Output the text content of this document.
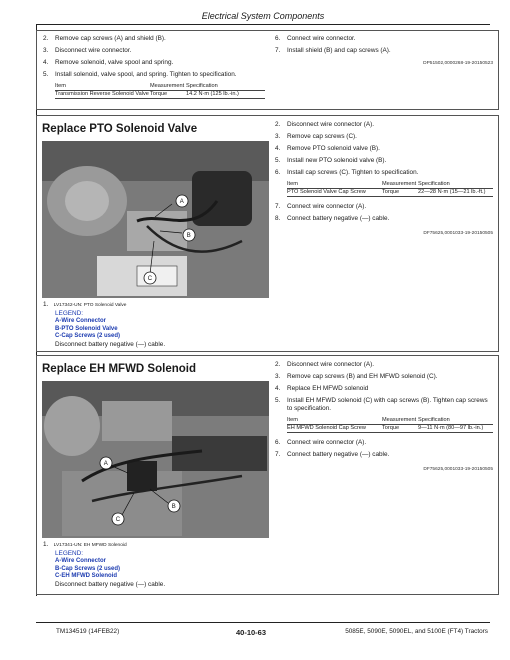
Electrical System Components
2. Remove cap screws (A) and shield (B).
3. Disconnect wire connector.
4. Remove solenoid, valve spool and spring.
5. Install solenoid, valve spool, and spring. Tighten to specification.
Item	Measurement Specification
Transmission Reverse Solenoid Valve Torque	14.2 N·m (125 lb.-in.)
6. Connect wire connector.
7. Install shield (B) and cap screws (A).
DP51502,0000268-19-20150523
Replace PTO Solenoid Valve
A
B
C
1. LV17342-UN: PTO Solenoid Valve
LEGEND:
A-Wire Connector
B-PTO Solenoid Valve
C-Cap Screws (2 used)
Disconnect battery negative (—) cable.
2. Disconnect wire connector (A).
3. Remove cap screws (C).
4. Remove PTO solenoid valve (B).
5. Install new PTO solenoid valve (B).
6. Install cap screws (C). Tighten to specification.
Item	Measurement Specification
PTO Solenoid Valve Cap Screw	Torque	22—28 N·m (15—21 lb.-ft.)
7. Connect wire connector (A).
8. Connect battery negative (—) cable.
DF75625,0001033-19-20150505
Replace EH MFWD Solenoid
A
B
C
1. LV17341-UN: EH MFWD Solenoid
LEGEND:
A-Wire Connector
B-Cap Screws (2 used)
C-EH MFWD Solenoid
Disconnect battery negative (—) cable.
2. Disconnect wire connector (A).
3. Remove cap screws (B) and EH MFWD solenoid (C).
4. Replace EH MFWD solenoid
5. Install EH MFWD solenoid (C) with cap screws (B). Tighten cap screws to specification.
Item	Measurement Specification
EH MFWD Solenoid Cap Screw	Torque	9—11 N·m (80—97 lb.-in.)
6. Connect wire connector (A).
7. Connect battery negative (—) cable.
DF75625,0001033-19-20150505
TM134519 (14FEB22)	40-10-63	5085E, 5090E, 5090EL, and 5100E (FT4) Tractors
